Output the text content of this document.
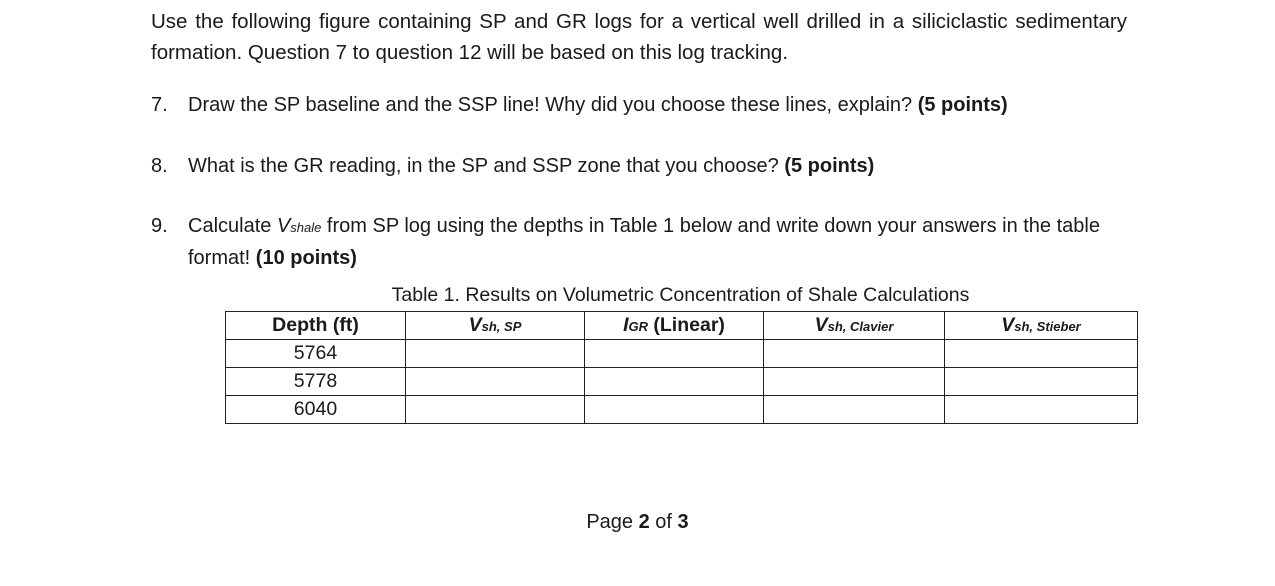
Use the following figure containing SP and GR logs for a vertical well drilled in a siliciclastic sedimentary formation. Question 7 to question 12 will be based on this log tracking.

7.	Draw the SP baseline and the SSP line! Why did you choose these lines, explain? (5 points)
8.	What is the GR reading, in the SP and SSP zone that you choose? (5 points)
9.	Calculate Vshale from SP log using the depths in Table 1 below and write down your answers in the table format! (10 points)

Table 1. Results on Volumetric Concentration of Shale Calculations

Depth (ft)	Vsh, SP	IGR (Linear)	Vsh, Clavier	Vsh, Stieber
5764				
5778				
6040				
Page 2 of 3
